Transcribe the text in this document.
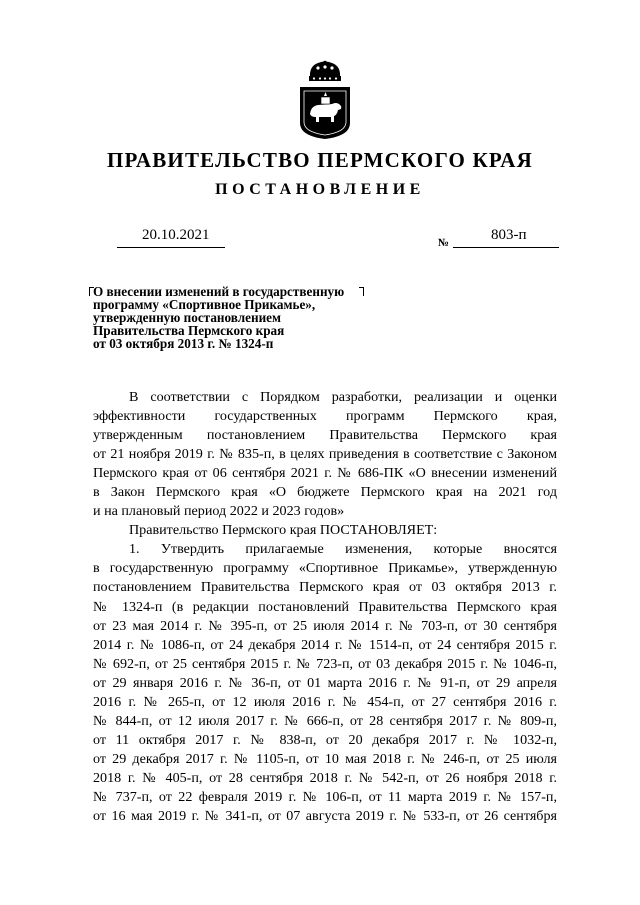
ПРАВИТЕЛЬСТВО ПЕРМСКОГО КРАЯ
ПОСТАНОВЛЕНИЕ
20.10.2021	№	803-п
О внесении изменений в государственную
программу «Спортивное Прикамье»,
утвержденную постановлением
Правительства Пермского края
от 03 октября 2013 г. № 1324-п
В соответствии с Порядком разработки, реализации и оценки
эффективности государственных программ Пермского края,
утвержденным постановлением Правительства Пермского края
от 21 ноября 2019 г. № 835-п, в целях приведения в соответствие с Законом
Пермского края от 06 сентября 2021 г. № 686-ПК «О внесении изменений
в Закон Пермского края «О бюджете Пермского края на 2021 год
и на плановый период 2022 и 2023 годов»
Правительство Пермского края ПОСТАНОВЛЯЕТ:
1. Утвердить прилагаемые изменения, которые вносятся
в государственную программу «Спортивное Прикамье», утвержденную
постановлением Правительства Пермского края от 03 октября 2013 г.
№ 1324-п (в редакции постановлений Правительства Пермского края
от 23 мая 2014 г. № 395-п, от 25 июля 2014 г. № 703-п, от 30 сентября
2014 г. № 1086-п, от 24 декабря 2014 г. № 1514-п, от 24 сентября 2015 г.
№ 692-п, от 25 сентября 2015 г. № 723-п, от 03 декабря 2015 г. № 1046-п,
от 29 января 2016 г. № 36-п, от 01 марта 2016 г. № 91-п, от 29 апреля
2016 г. № 265-п, от 12 июля 2016 г. № 454-п, от 27 сентября 2016 г.
№ 844-п, от 12 июля 2017 г. № 666-п, от 28 сентября 2017 г. № 809-п,
от 11 октября 2017 г. № 838-п, от 20 декабря 2017 г. № 1032-п,
от 29 декабря 2017 г. № 1105-п, от 10 мая 2018 г. № 246-п, от 25 июля
2018 г. № 405-п, от 28 сентября 2018 г. № 542-п, от 26 ноября 2018 г.
№ 737-п, от 22 февраля 2019 г. № 106-п, от 11 марта 2019 г. № 157-п,
от 16 мая 2019 г. № 341-п, от 07 августа 2019 г. № 533-п, от 26 сентября
